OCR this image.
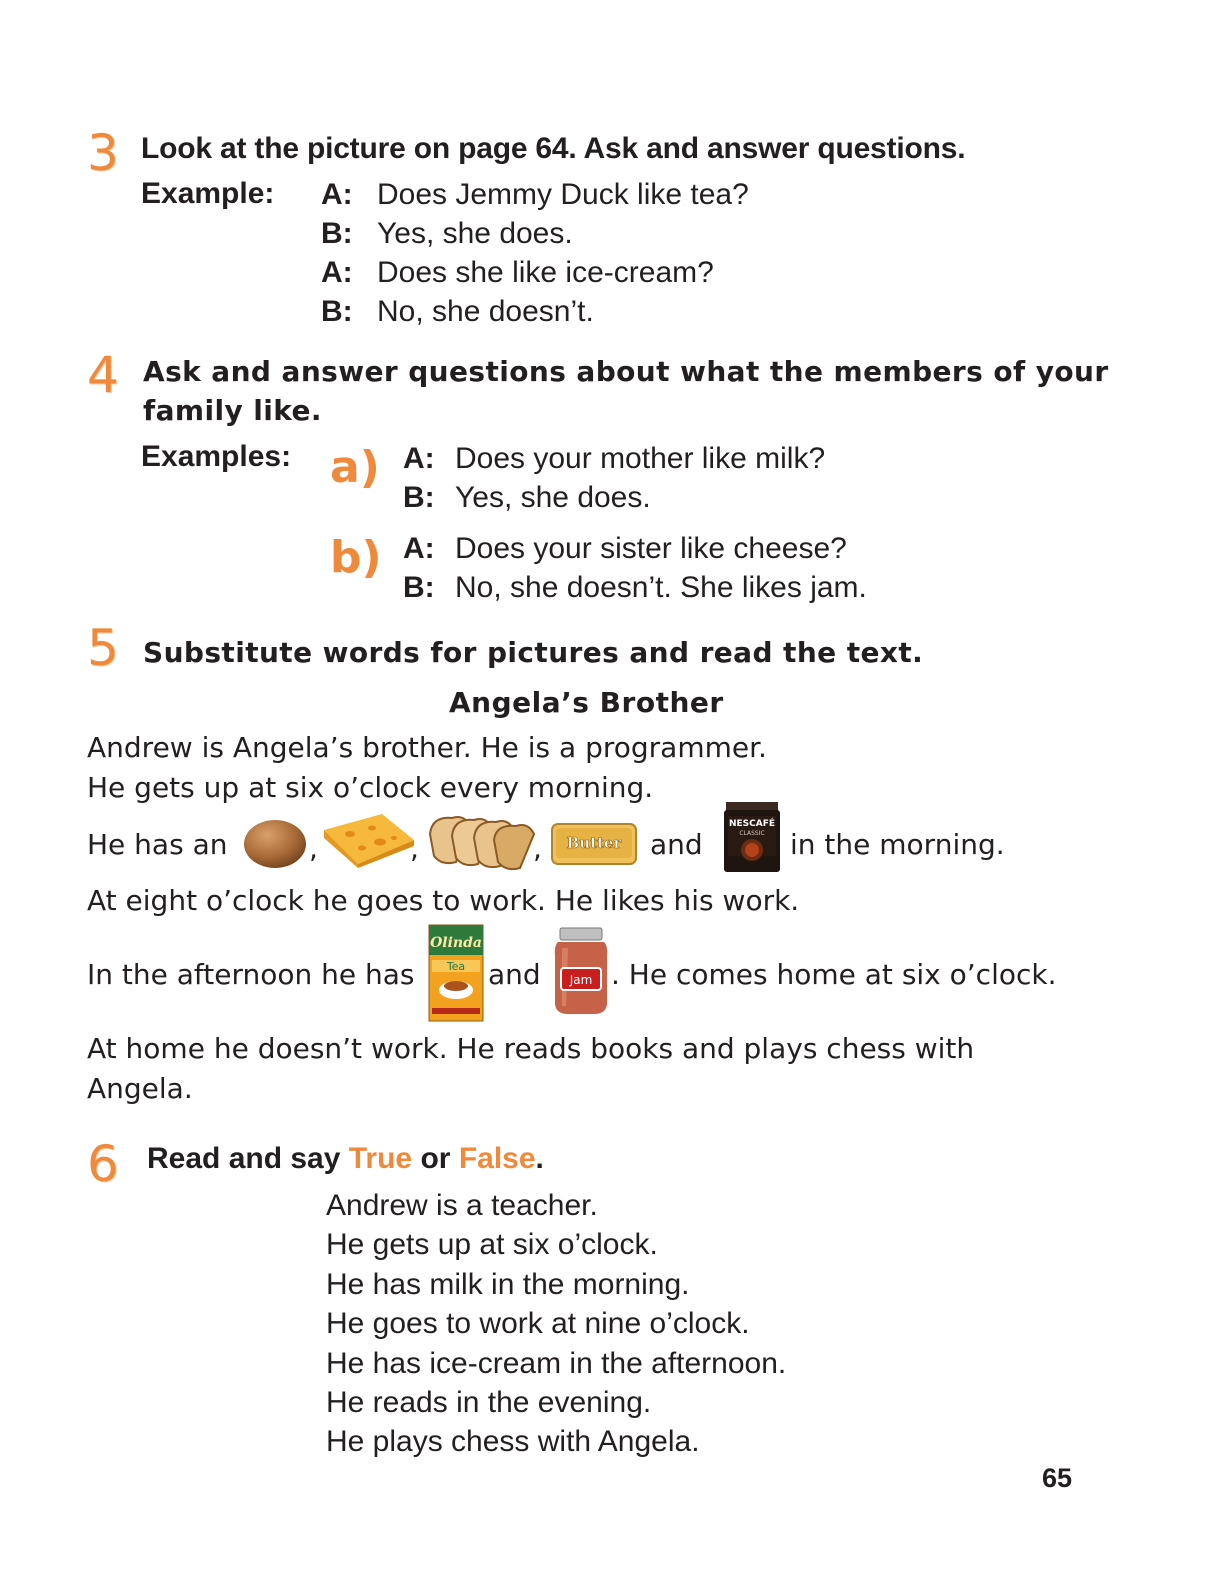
3 Look at the picture on page 64. Ask and answer questions.
Example: A: Does Jemmy Duck like tea?
B: Yes, she does.
A: Does she like ice-cream?
B: No, she doesn’t.
4 Ask and answer questions about what the members of your
family like.
Examples: a) A: Does your mother like milk?
B: Yes, she does.
b) A: Does your sister like cheese?
B: No, she doesn’t. She likes jam.
5 Substitute words for pictures and read the text.
Angela’s Brother
Andrew is Angela’s brother. He is a programmer.
He gets up at six o’clock every morning.
He has an	,	,	, Butter and
NESCAFÉ
CLASSIC in the morning.
At eight o’clock he goes to work. He likes his work.
In the afternoon he has
Olinda
Tea and Jam . He comes home at six o’clock.
At home he doesn’t work. He reads books and plays chess with
Angela.
6 Read and say True or False.
Andrew is a teacher.
He gets up at six o’clock.
He has milk in the morning.
He goes to work at nine o’clock.
He has ice-cream in the afternoon.
He reads in the evening.
He plays chess with Angela.
65
